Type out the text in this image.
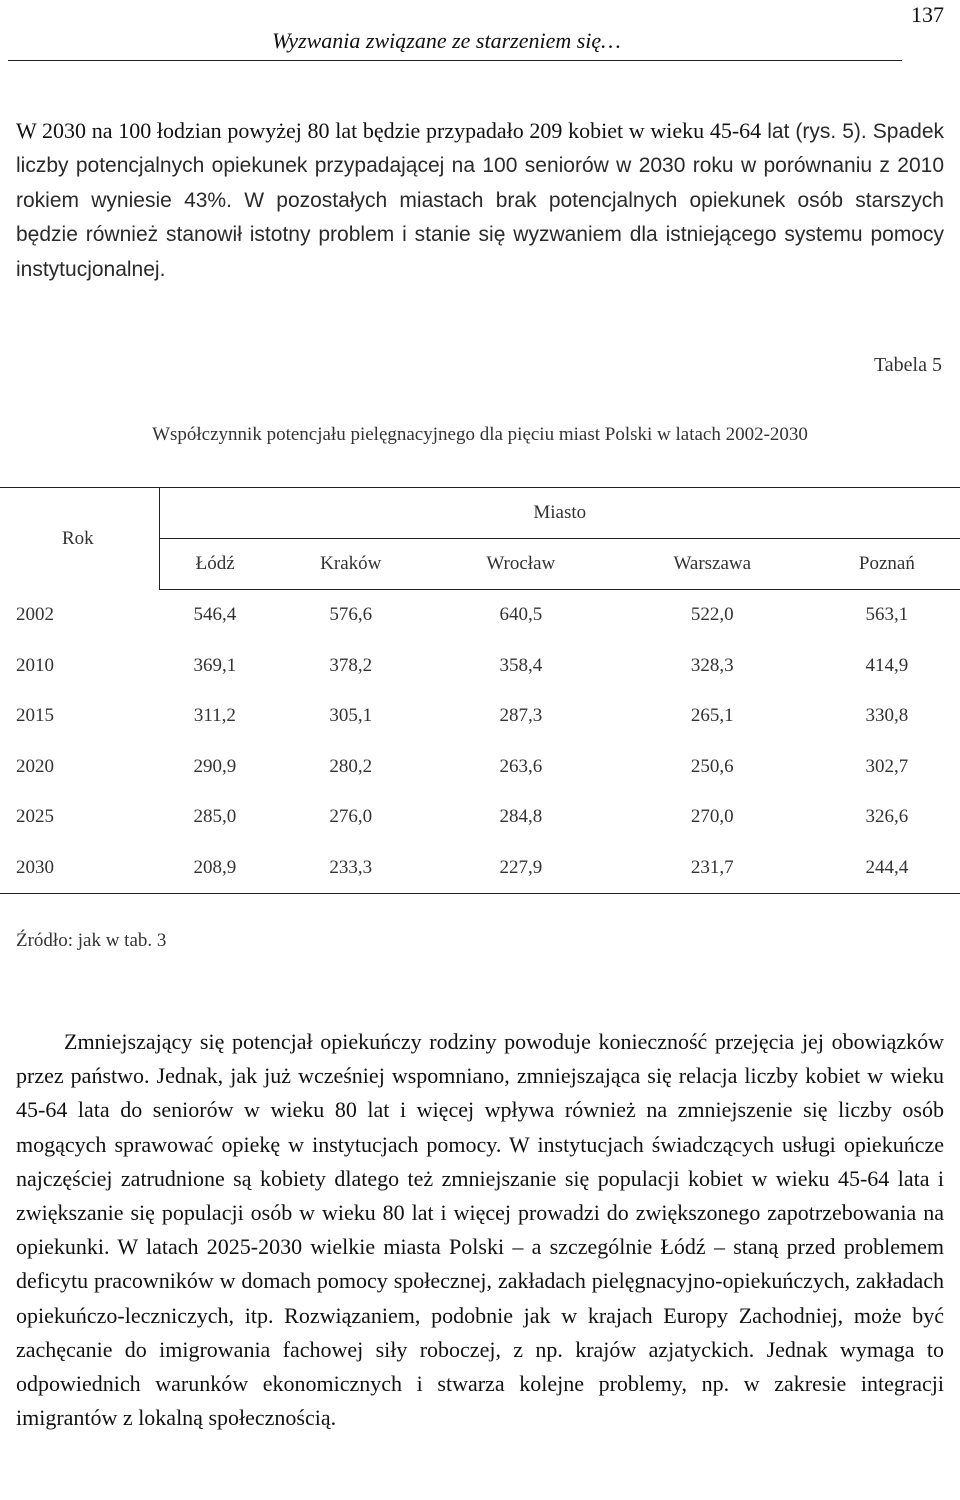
137
Wyzwania związane ze starzeniem się…

W 2030 na 100 łodzian powyżej 80 lat będzie przypadało 209 kobiet w wieku 45-64 lat (rys. 5). Spadek liczby potencjalnych opiekunek przypadającej na 100 seniorów w 2030 roku w porównaniu z 2010 rokiem wyniesie 43%. W pozostałych miastach brak potencjalnych opiekunek osób starszych będzie również stanowił istotny problem i stanie się wyzwaniem dla istniejącego systemu pomocy instytucjonalnej.

Tabela 5
Współczynnik potencjału pielęgnacyjnego dla pięciu miast Polski w latach 2002-2030
Rok	Miasto				
	Łódź	Kraków	Wrocław	Warszawa	Poznań
2002	546,4	576,6	640,5	522,0	563,1
2010	369,1	378,2	358,4	328,3	414,9
2015	311,2	305,1	287,3	265,1	330,8
2020	290,9	280,2	263,6	250,6	302,7
2025	285,0	276,0	284,8	270,0	326,6
2030	208,9	233,3	227,9	231,7	244,4
Źródło: jak w tab. 3

Zmniejszający się potencjał opiekuńczy rodziny powoduje konieczność przejęcia jej obowiązków przez państwo. Jednak, jak już wcześniej wspomniano, zmniejszająca się relacja liczby kobiet w wieku 45-64 lata do seniorów w wieku 80 lat i więcej wpływa również na zmniejszenie się liczby osób mogących sprawować opiekę w instytucjach pomocy. W instytucjach świadczących usługi opiekuńcze najczęściej zatrudnione są kobiety dlatego też zmniejszanie się populacji kobiet w wieku 45-64 lata i zwiększanie się populacji osób w wieku 80 lat i więcej prowadzi do zwiększonego zapotrzebowania na opiekunki. W latach 2025-2030 wielkie miasta Polski – a szczególnie Łódź – staną przed problemem deficytu pracowników w domach pomocy społecznej, zakładach pielęgnacyjno-opiekuńczych, zakładach opiekuńczo-leczniczych, itp. Rozwiązaniem, podobnie jak w krajach Europy Zachodniej, może być zachęcanie do imigrowania fachowej siły roboczej, z np. krajów azjatyckich. Jednak wymaga to odpowiednich warunków ekonomicznych i stwarza kolejne problemy, np. w zakresie integracji imigrantów z lokalną społecznością.
